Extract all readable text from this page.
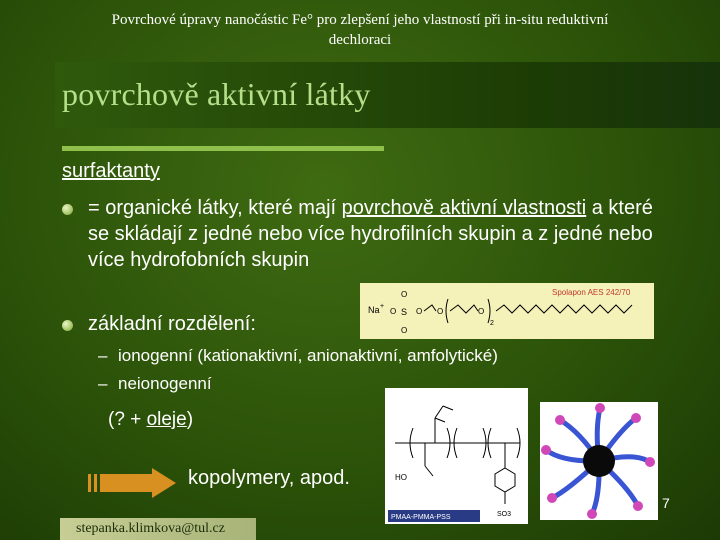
Povrchové úpravy nanočástic Fe° pro zlepšení jeho vlastností při in-situ reduktivní
dechloraci
povrchově aktivní látky
surfaktanty
= organické látky, které mají povrchově aktivní vlastnosti a které se skládají z jedné nebo více hydrofilních skupin a z jedné nebo více hydrofobních skupin
základní rozdělení:
– ionogenní (kationaktivní, anionaktivní, amfolytické)
– neionogenní
(? + oleje)
kopolymery, apod.
Na +
O
O S
O
O O	O
2
Spolapon AES 242/70
HO
SO3
PMAA-PMMA-PSS
7
stepanka.klimkova@tul.cz
